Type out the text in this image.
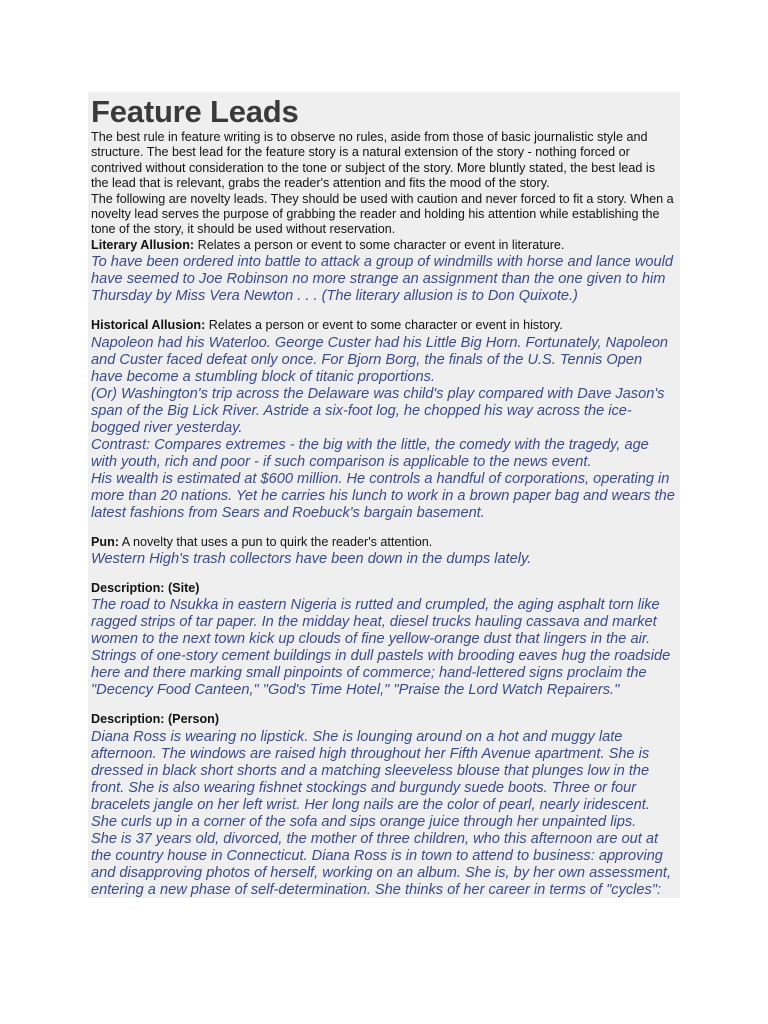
Feature Leads

The best rule in feature writing is to observe no rules, aside from those of basic journalistic style and structure. The best lead for the feature story is a natural extension of the story - nothing forced or contrived without consideration to the tone or subject of the story. More bluntly stated, the best lead is the lead that is relevant, grabs the reader's attention and fits the mood of the story.

The following are novelty leads. They should be used with caution and never forced to fit a story. When a novelty lead serves the purpose of grabbing the reader and holding his attention while establishing the tone of the story, it should be used without reservation.

Literary Allusion: Relates a person or event to some character or event in literature.

To have been ordered into battle to attack a group of windmills with horse and lance would have seemed to Joe Robinson no more strange an assignment than the one given to him Thursday by Miss Vera Newton . . . (The literary allusion is to Don Quixote.)

Historical Allusion: Relates a person or event to some character or event in history.

Napoleon had his Waterloo. George Custer had his Little Big Horn. Fortunately, Napoleon and Custer faced defeat only once. For Bjorn Borg, the finals of the U.S. Tennis Open have become a stumbling block of titanic proportions.

(Or) Washington's trip across the Delaware was child's play compared with Dave Jason's span of the Big Lick River. Astride a six-foot log, he chopped his way across the ice-bogged river yesterday.

Contrast: Compares extremes - the big with the little, the comedy with the tragedy, age with youth, rich and poor - if such comparison is applicable to the news event.

His wealth is estimated at $600 million. He controls a handful of corporations, operating in more than 20 nations. Yet he carries his lunch to work in a brown paper bag and wears the latest fashions from Sears and Roebuck's bargain basement.

Pun: A novelty that uses a pun to quirk the reader's attention.

Western High's trash collectors have been down in the dumps lately.

Description: (Site)

The road to Nsukka in eastern Nigeria is rutted and crumpled, the aging asphalt torn like ragged strips of tar paper. In the midday heat, diesel trucks hauling cassava and market women to the next town kick up clouds of fine yellow-orange dust that lingers in the air. Strings of one-story cement buildings in dull pastels with brooding eaves hug the roadside here and there marking small pinpoints of commerce; hand-lettered signs proclaim the "Decency Food Canteen," "God's Time Hotel," "Praise the Lord Watch Repairers."

Description: (Person)

Diana Ross is wearing no lipstick. She is lounging around on a hot and muggy late afternoon. The windows are raised high throughout her Fifth Avenue apartment. She is dressed in black short shorts and a matching sleeveless blouse that plunges low in the front. She is also wearing fishnet stockings and burgundy suede boots. Three or four bracelets jangle on her left wrist. Her long nails are the color of pearl, nearly iridescent. She curls up in a corner of the sofa and sips orange juice through her unpainted lips.

She is 37 years old, divorced, the mother of three children, who this afternoon are out at the country house in Connecticut. Diana Ross is in town to attend to business: approving and disapproving photos of herself, working on an album. She is, by her own assessment, entering a new phase of self-determination. She thinks of her career in terms of "cycles":
